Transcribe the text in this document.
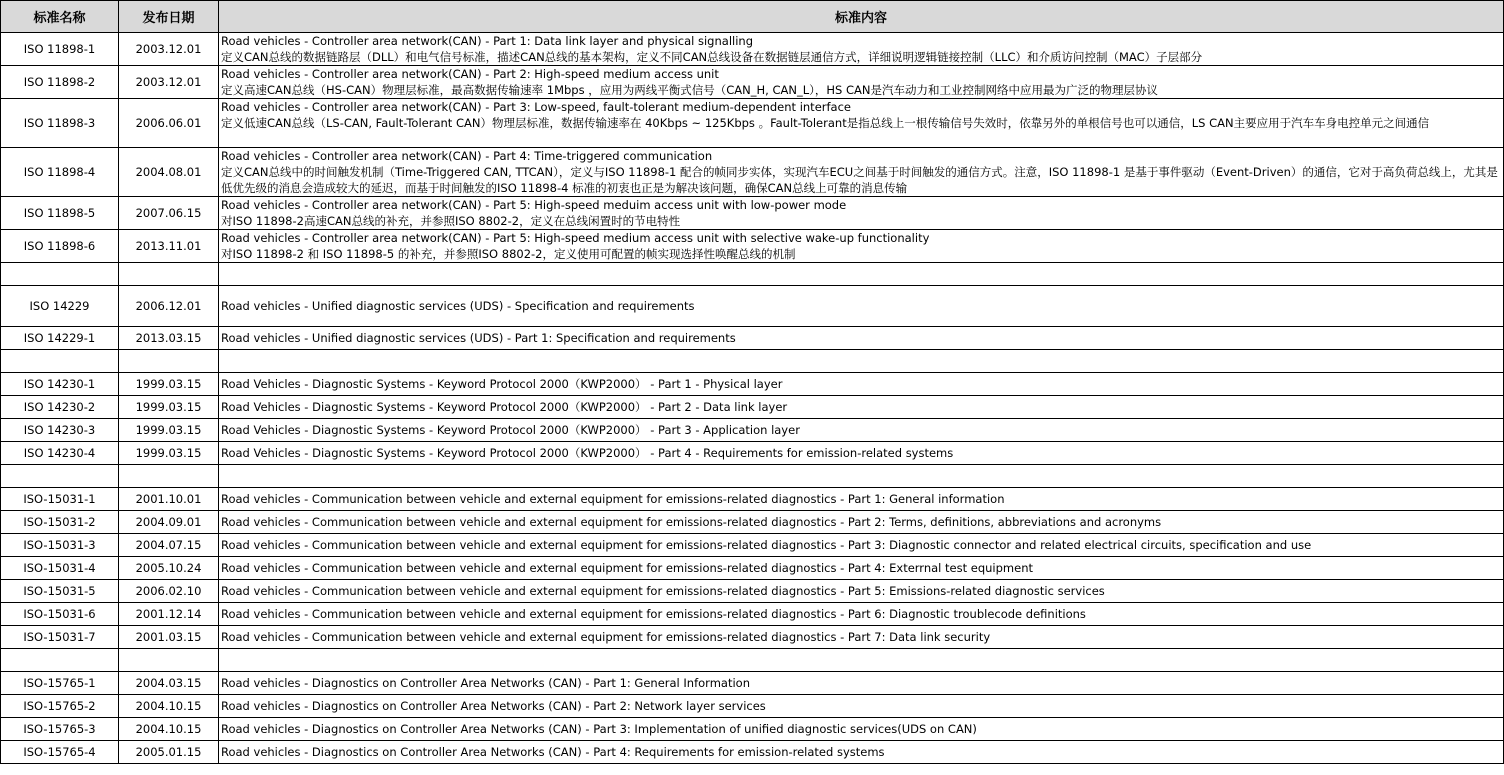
标准名称	发布日期	标准内容
ISO 11898-1	2003.12.01	Road vehicles - Controller area network(CAN) - Part 1: Data link layer and physical signalling
定义CAN总线的数据链路层（DLL）和电气信号标准，描述CAN总线的基本架构，定义不同CAN总线设备在数据链层通信方式，详细说明逻辑链接控制（LLC）和介质访问控制（MAC）子层部分

ISO 11898-2	2003.12.01	Road vehicles - Controller area network(CAN) - Part 2: High-speed medium access unit
定义高速CAN总线（HS-CAN）物理层标准，最高数据传输速率 1Mbps ，应用为两线平衡式信号（CAN_H, CAN_L），HS CAN是汽车动力和工业控制网络中应用最为广泛的物理层协议

ISO 11898-3	2006.06.01	Road vehicles - Controller area network(CAN) - Part 3: Low-speed, fault-tolerant medium-dependent interface
定义低速CAN总线（LS-CAN, Fault-Tolerant CAN）物理层标准，数据传输速率在 40Kbps ~ 125Kbps 。Fault-Tolerant是指总线上一根传输信号失效时，依靠另外的单根信号也可以通信，LS CAN主要应用于汽车车身电控单元之间通信

ISO 11898-4	2004.08.01	Road vehicles - Controller area network(CAN) - Part 4: Time-triggered communication
定义CAN总线中的时间触发机制（Time-Triggered CAN, TTCAN），定义与ISO 11898-1 配合的帧同步实体，实现汽车ECU之间基于时间触发的通信方式。注意，ISO 11898-1 是基于事件驱动（Event-Driven）的通信，它对于高负荷总线上，尤其是低优先级的消息会造成较大的延迟，而基于时间触发的ISO 11898-4 标准的初衷也正是为解决该问题，确保CAN总线上可靠的消息传输

ISO 11898-5	2007.06.15	Road vehicles - Controller area network(CAN) - Part 5: High-speed meduim access unit with low-power mode
对ISO 11898-2高速CAN总线的补充，并参照ISO 8802-2，定义在总线闲置时的节电特性

ISO 11898-6	2013.11.01	Road vehicles - Controller area network(CAN) - Part 5: High-speed medium access unit with selective wake-up functionality
对ISO 11898-2 和 ISO 11898-5 的补充，并参照ISO 8802-2，定义使用可配置的帧实现选择性唤醒总线的机制

ISO 14229	2006.12.01	Road vehicles - Unified diagnostic services (UDS) - Specification and requirements
ISO 14229-1	2013.03.15	Road vehicles - Unified diagnostic services (UDS) - Part 1: Specification and requirements

ISO 14230-1	1999.03.15	Road Vehicles - Diagnostic Systems - Keyword Protocol 2000（KWP2000） - Part 1 - Physical layer
ISO 14230-2	1999.03.15	Road Vehicles - Diagnostic Systems - Keyword Protocol 2000（KWP2000） - Part 2 - Data link layer
ISO 14230-3	1999.03.15	Road Vehicles - Diagnostic Systems - Keyword Protocol 2000（KWP2000） - Part 3 - Application layer
ISO 14230-4	1999.03.15	Road Vehicles - Diagnostic Systems - Keyword Protocol 2000（KWP2000） - Part 4 - Requirements for emission-related systems

ISO-15031-1	2001.10.01	Road vehicles - Communication between vehicle and external equipment for emissions-related diagnostics - Part 1: General information
ISO-15031-2	2004.09.01	Road vehicles - Communication between vehicle and external equipment for emissions-related diagnostics - Part 2: Terms, definitions, abbreviations and acronyms
ISO-15031-3	2004.07.15	Road vehicles - Communication between vehicle and external equipment for emissions-related diagnostics - Part 3: Diagnostic connector and related electrical circuits, specification and use
ISO-15031-4	2005.10.24	Road vehicles - Communication between vehicle and external equipment for emissions-related diagnostics - Part 4: Exterrnal test equipment
ISO-15031-5	2006.02.10	Road vehicles - Communication between vehicle and external equipment for emissions-related diagnostics - Part 5: Emissions-related diagnostic services
ISO-15031-6	2001.12.14	Road vehicles - Communication between vehicle and external equipment for emissions-related diagnostics - Part 6: Diagnostic troublecode definitions
ISO-15031-7	2001.03.15	Road vehicles - Communication between vehicle and external equipment for emissions-related diagnostics - Part 7: Data link security

ISO-15765-1	2004.03.15	Road vehicles - Diagnostics on Controller Area Networks (CAN) - Part 1: General Information
ISO-15765-2	2004.10.15	Road vehicles - Diagnostics on Controller Area Networks (CAN) - Part 2: Network layer services
ISO-15765-3	2004.10.15	Road vehicles - Diagnostics on Controller Area Networks (CAN) - Part 3: Implementation of unified diagnostic services(UDS on CAN)
ISO-15765-4	2005.01.15	Road vehicles - Diagnostics on Controller Area Networks (CAN) - Part 4: Requirements for emission-related systems
